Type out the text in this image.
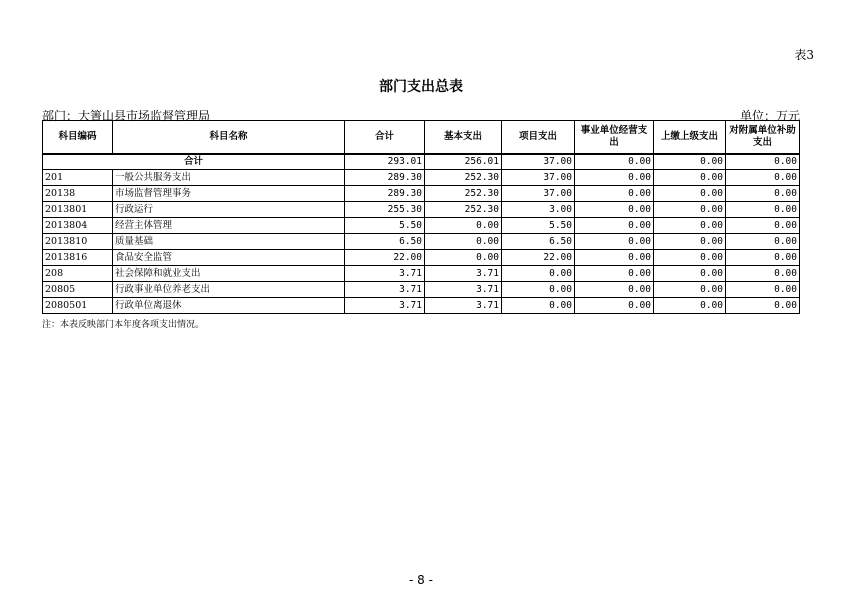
表3
部门支出总表
部门：大箐山县市场监督管理局	单位：万元
科目编码	科目名称	合计	基本支出	项目支出	事业单位经营支出	上缴上级支出	对附属单位补助支出
合计		293.01	256.01	37.00	0.00	0.00	0.00
201	一般公共服务支出	289.30	252.30	37.00	0.00	0.00	0.00
20138	市场监督管理事务	289.30	252.30	37.00	0.00	0.00	0.00
2013801	行政运行	255.30	252.30	3.00	0.00	0.00	0.00
2013804	经营主体管理	5.50	0.00	5.50	0.00	0.00	0.00
2013810	质量基础	6.50	0.00	6.50	0.00	0.00	0.00
2013816	食品安全监管	22.00	0.00	22.00	0.00	0.00	0.00
208	社会保障和就业支出	3.71	3.71	0.00	0.00	0.00	0.00
20805	行政事业单位养老支出	3.71	3.71	0.00	0.00	0.00	0.00
2080501	行政单位离退休	3.71	3.71	0.00	0.00	0.00	0.00
注：本表反映部门本年度各项支出情况。
- 8 -
